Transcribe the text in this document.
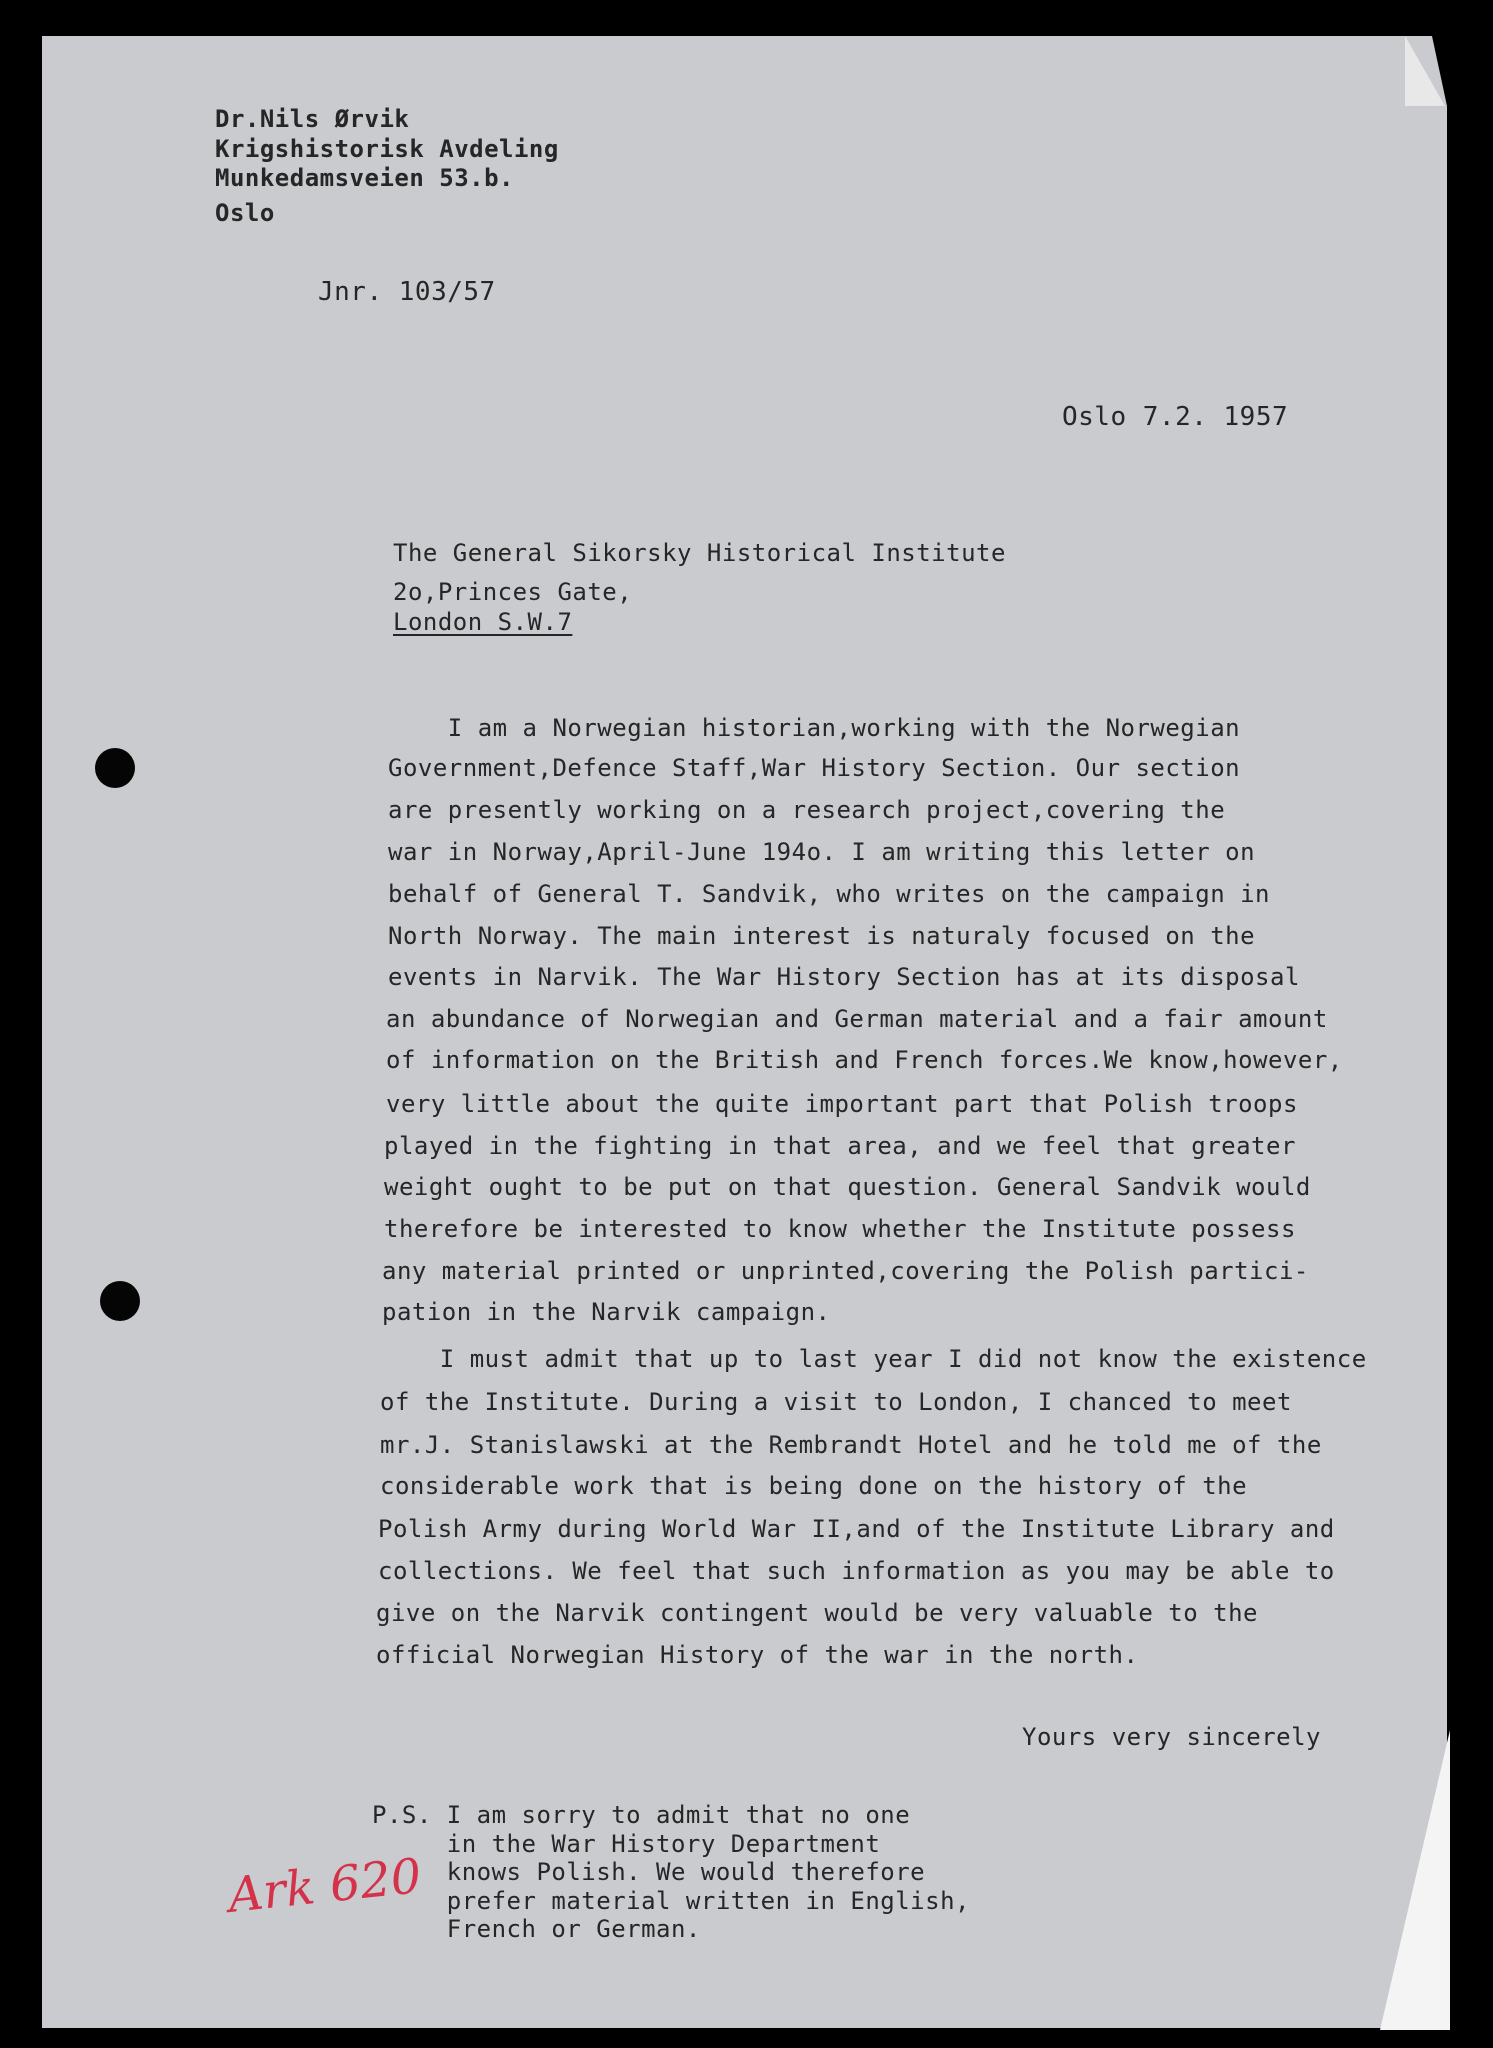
Dr.Nils Ørvik
Krigshistorisk Avdeling
Munkedamsveien 53.b.
Oslo
Jnr. 103/57
Oslo 7.2. 1957
The General Sikorsky Historical Institute
2o,Princes Gate,
London S.W.7
I am a Norwegian historian,working with the Norwegian
Government,Defence Staff,War History Section. Our section
are presently working on a research project,covering the
war in Norway,April-June 194o. I am writing this letter on
behalf of General T. Sandvik, who writes on the campaign in
North Norway. The main interest is naturaly focused on the
events in Narvik. The War History Section has at its disposal
an abundance of Norwegian and German material and a fair amount
of information on the British and French forces.We know,however,
very little about the quite important part that Polish troops
played in the fighting in that area, and we feel that greater
weight ought to be put on that question. General Sandvik would
therefore be interested to know whether the Institute possess
any material printed or unprinted,covering the Polish partici-
pation in the Narvik campaign.
I must admit that up to last year I did not know the existence
of the Institute. During a visit to London, I chanced to meet
mr.J. Stanislawski at the Rembrandt Hotel and he told me of the
considerable work that is being done on the history of the
Polish Army during World War II,and of the Institute Library and
collections. We feel that such information as you may be able to
give on the Narvik contingent would be very valuable to the
official Norwegian History of the war in the north.
Yours very sincerely
P.S. I am sorry to admit that no one
in the War History Department
knows Polish. We would therefore
prefer material written in English,
French or German.
Ark 620
